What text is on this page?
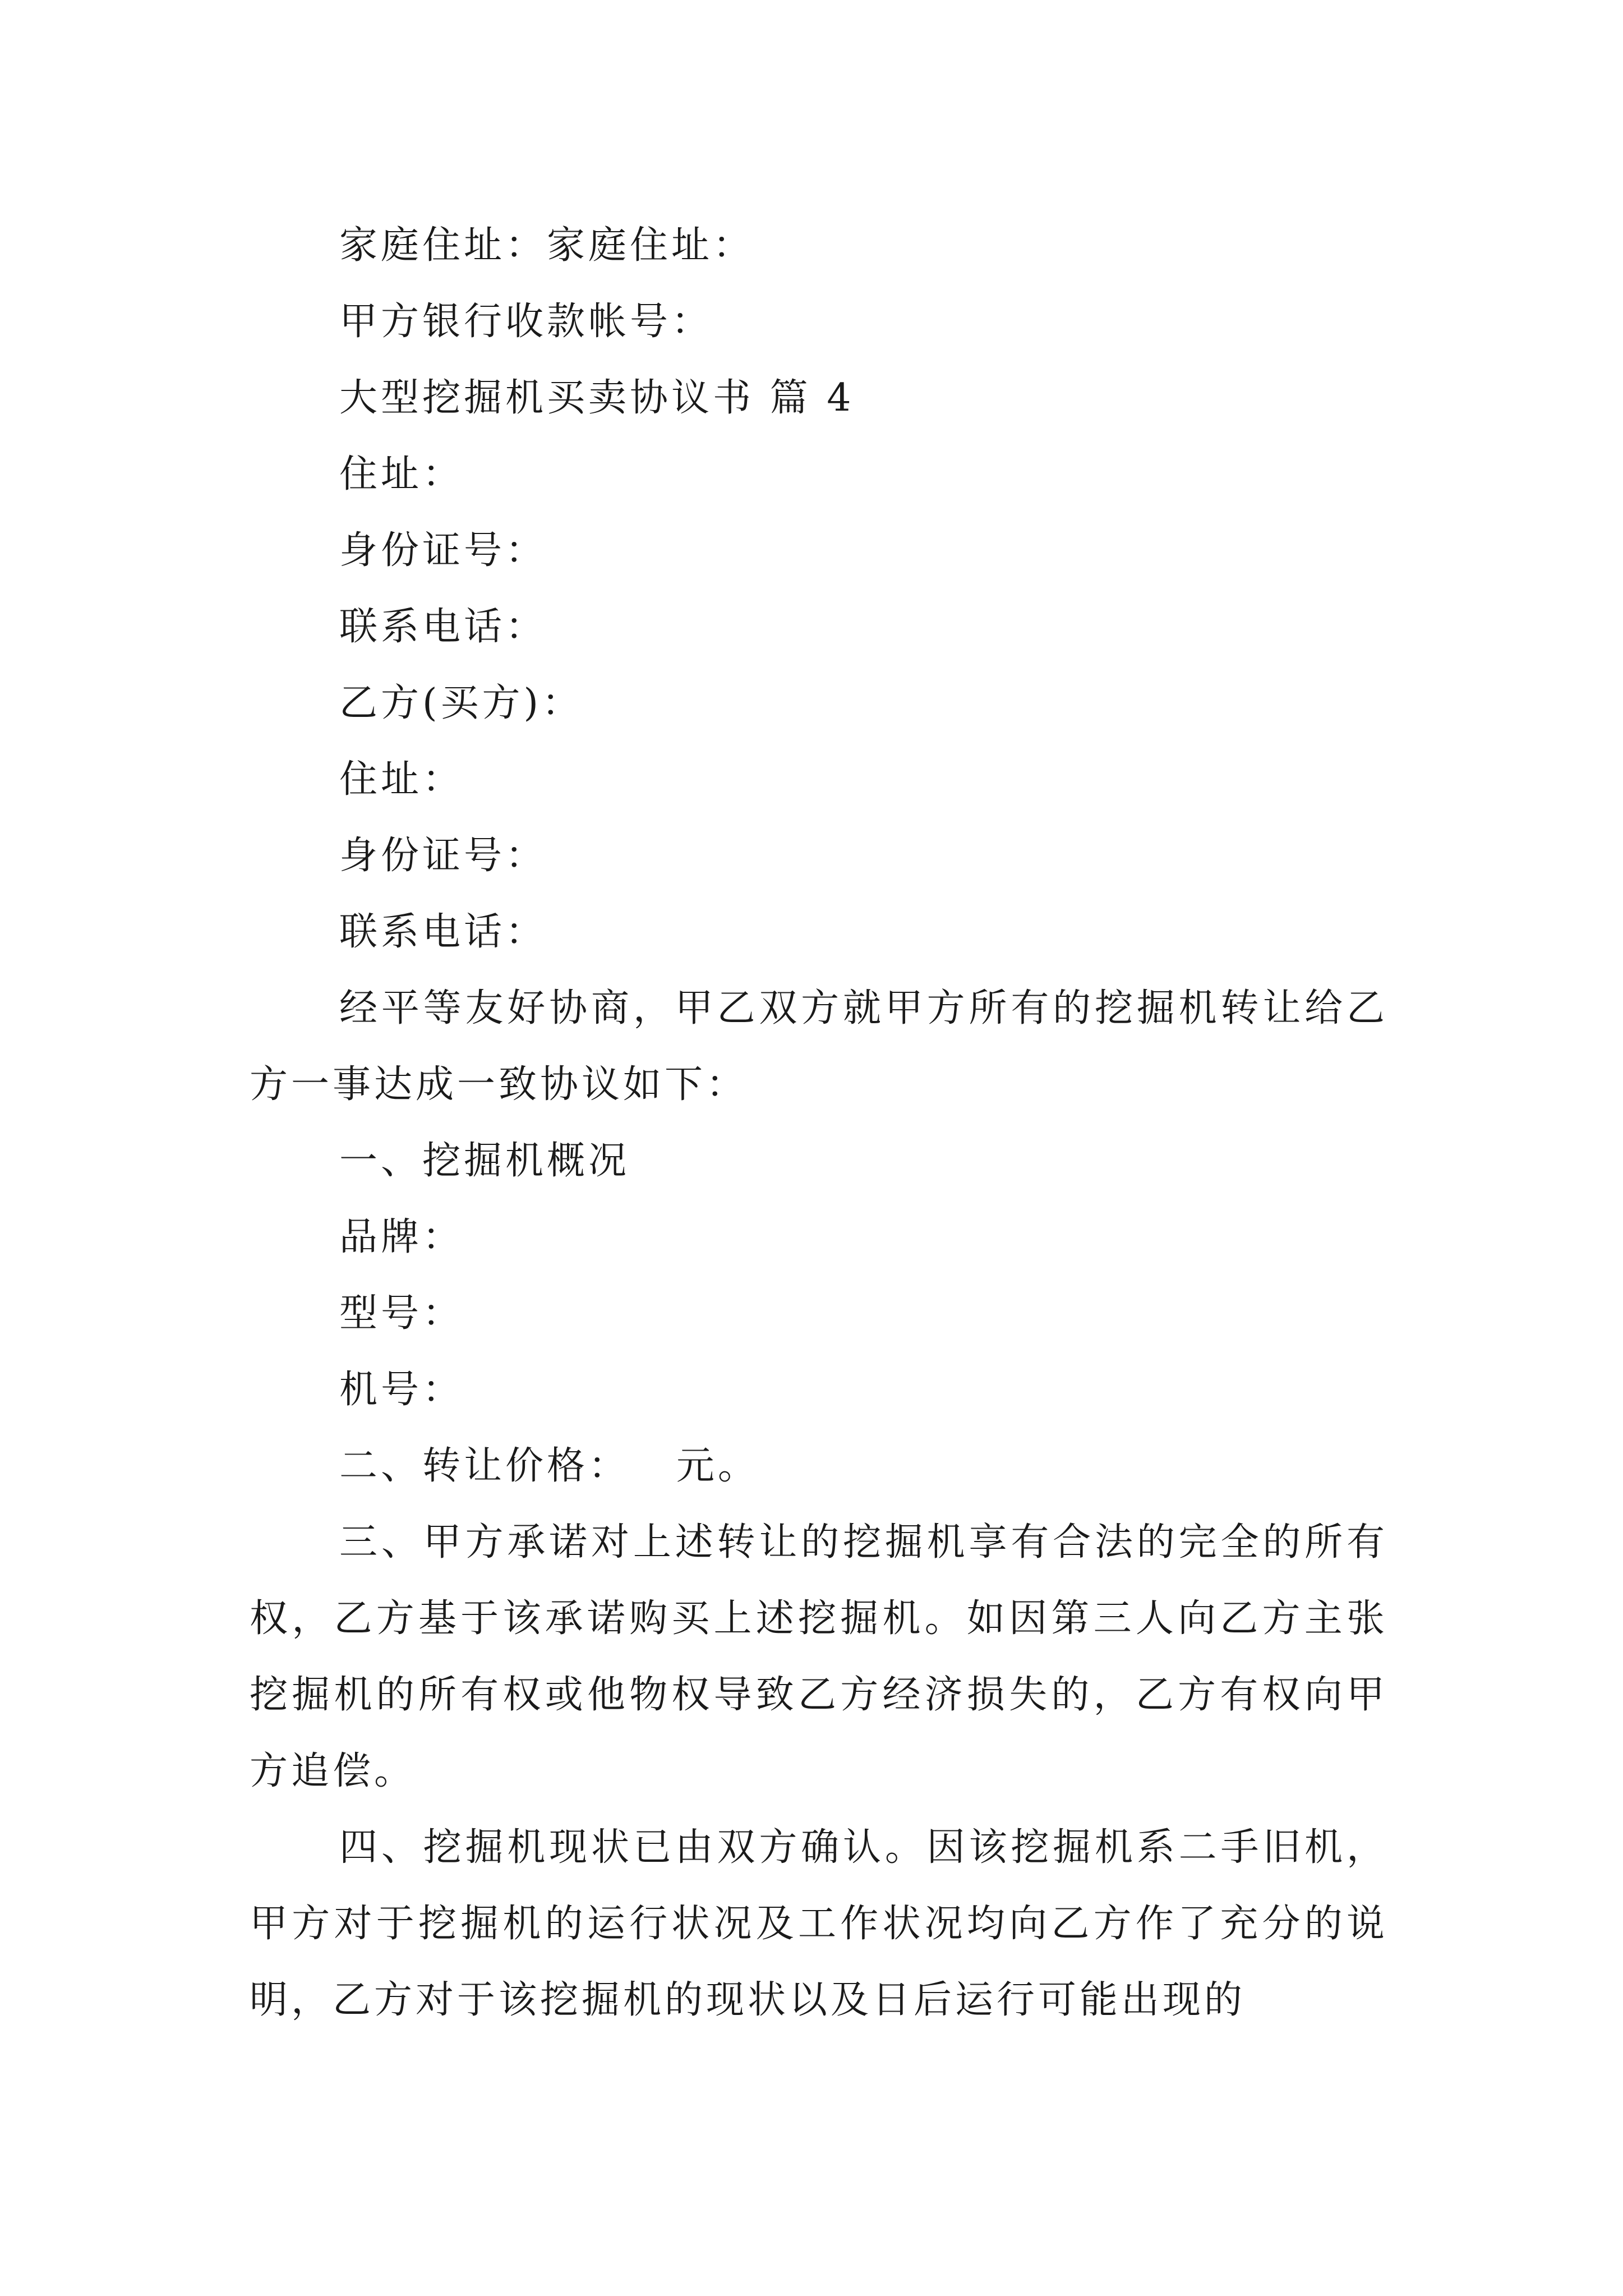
家庭住址：家庭住址：

甲方银行收款帐号：

大型挖掘机买卖协议书 篇 4

住址：

身份证号：

联系电话：

乙方(买方)：

住址：

身份证号：

联系电话：

经平等友好协商，甲乙双方就甲方所有的挖掘机转让给乙方一事达成一致协议如下：

一、挖掘机概况

品牌：

型号：

机号：

二、转让价格：   元。

三、甲方承诺对上述转让的挖掘机享有合法的完全的所有权，乙方基于该承诺购买上述挖掘机。如因第三人向乙方主张挖掘机的所有权或他物权导致乙方经济损失的，乙方有权向甲方追偿。

四、挖掘机现状已由双方确认。因该挖掘机系二手旧机，甲方对于挖掘机的运行状况及工作状况均向乙方作了充分的说明，乙方对于该挖掘机的现状以及日后运行可能出现的
